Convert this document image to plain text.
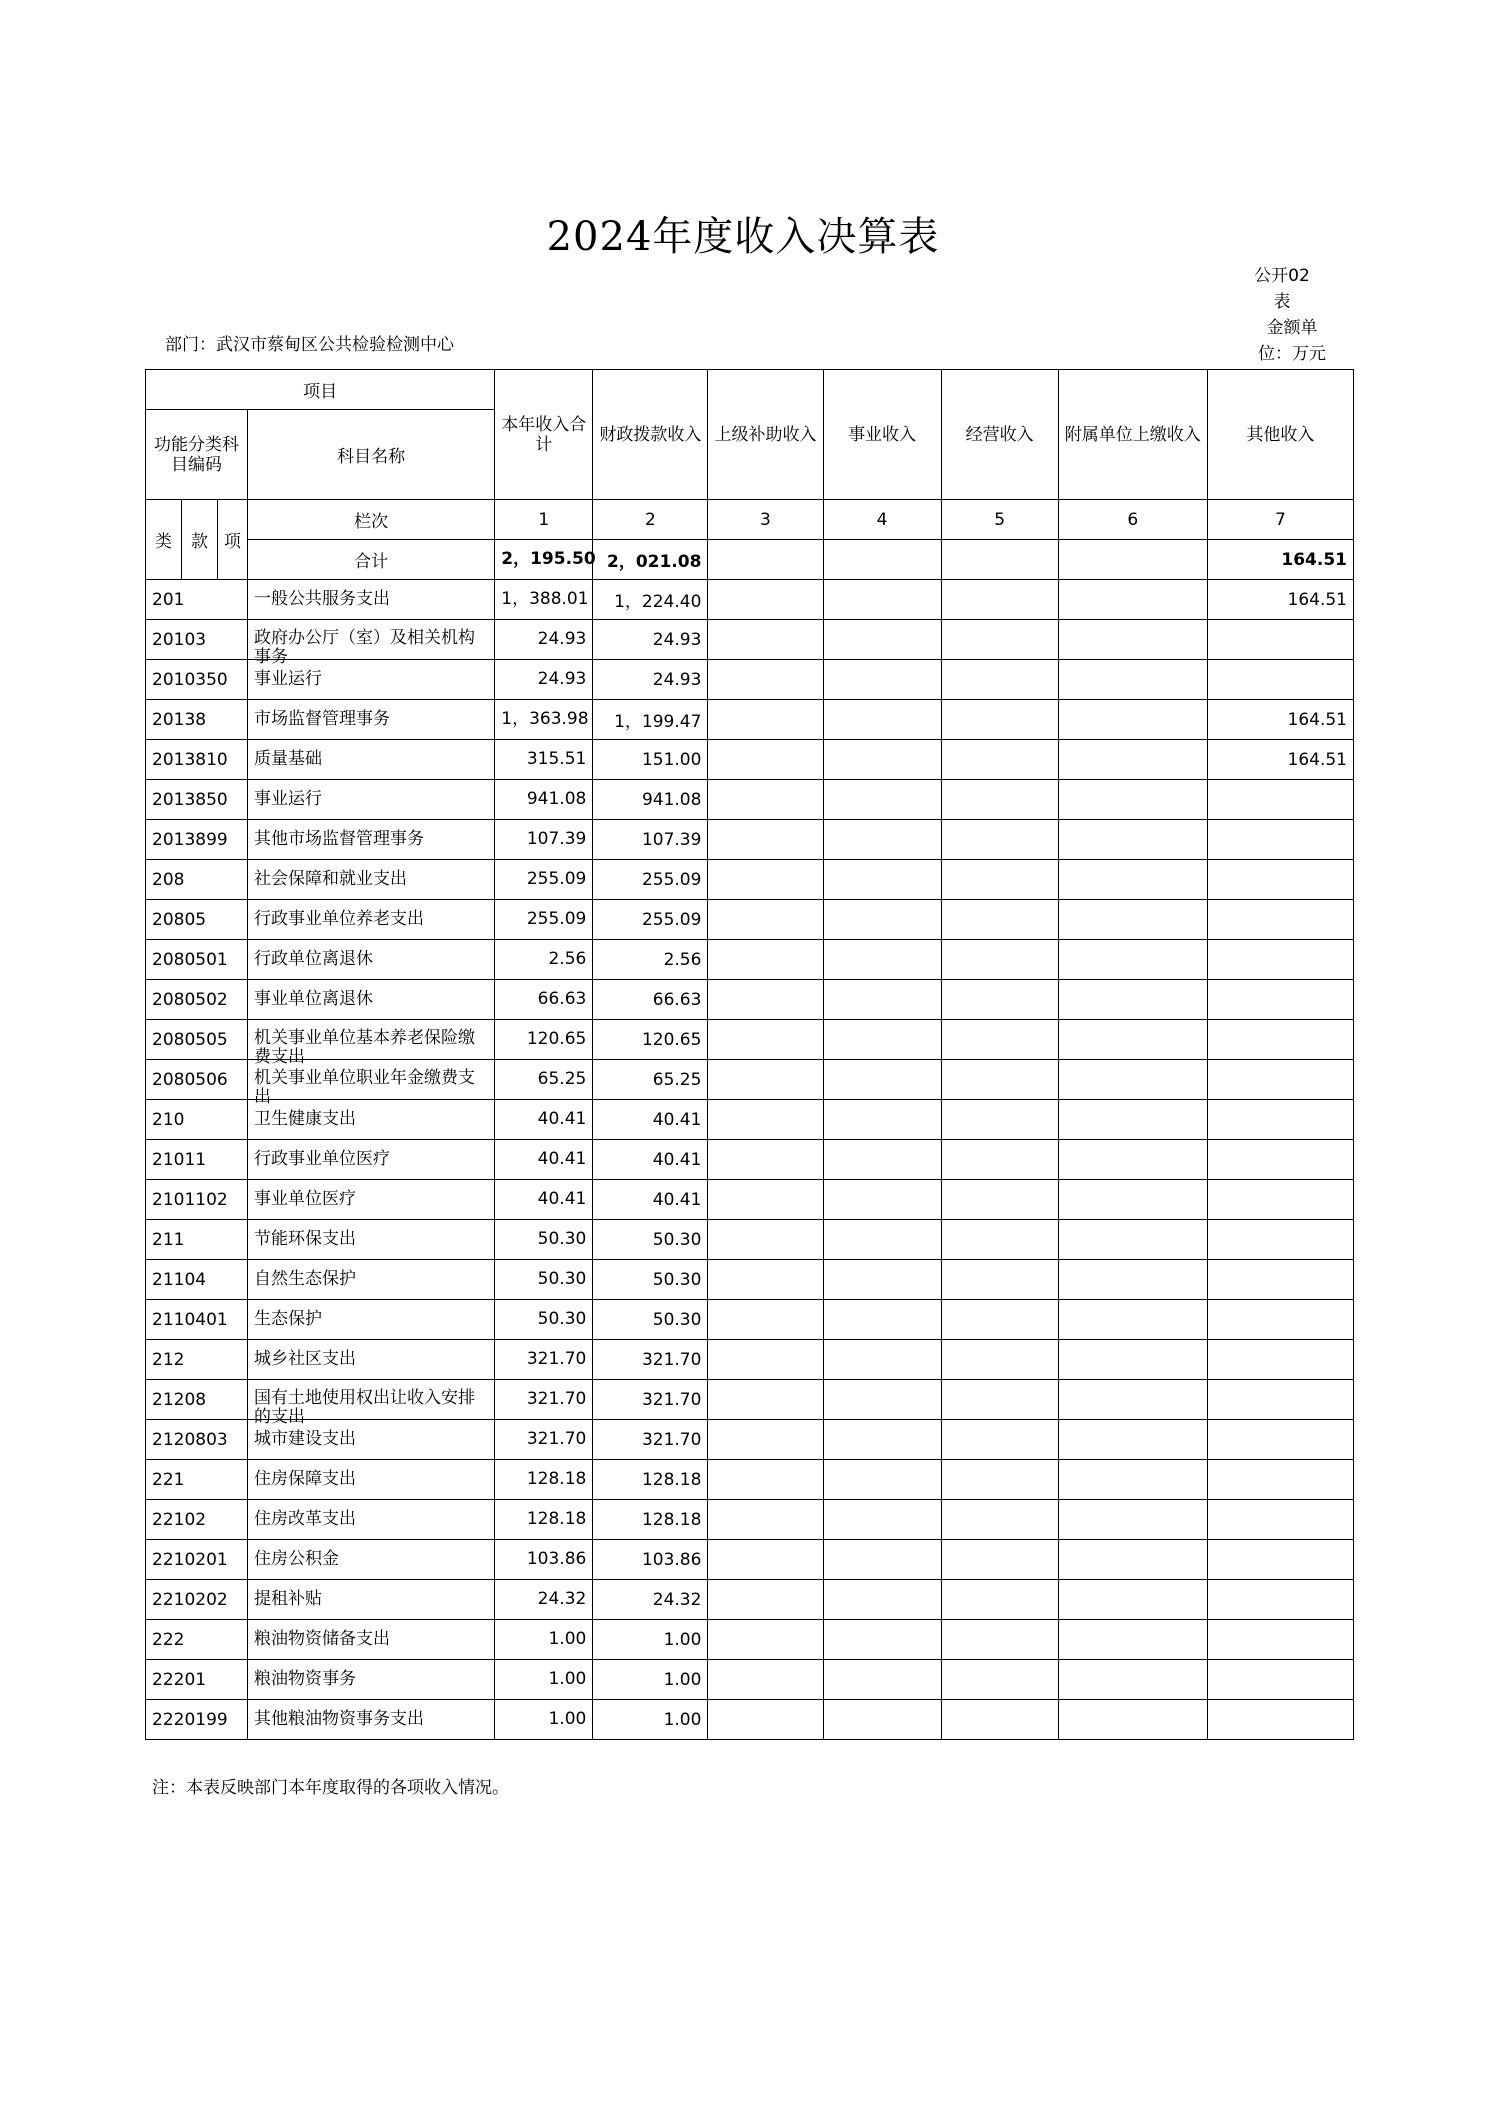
2024年度收入决算表
公开02
表
金额单
位：万元
部门：武汉市蔡甸区公共检验检测中心
项目				本年收入合计	财政拨款收入	上级补助收入	事业收入	经营收入	附属单位上缴收入	其他收入
功能分类科目编码			科目名称							
类	款	项	栏次	1	2	3	4	5	6	7
			合计	2，195.50	2，021.08					164.51
201			一般公共服务支出	1，388.01	1，224.40					164.51
20103			政府办公厅（室）及相关机构事务	24.93	24.93					
2010350			事业运行	24.93	24.93					
20138			市场监督管理事务	1，363.98	1，199.47					164.51
2013810			质量基础	315.51	151.00					164.51
2013850			事业运行	941.08	941.08					
2013899			其他市场监督管理事务	107.39	107.39					
208			社会保障和就业支出	255.09	255.09					
20805			行政事业单位养老支出	255.09	255.09					
2080501			行政单位离退休	2.56	2.56					
2080502			事业单位离退休	66.63	66.63					
2080505			机关事业单位基本养老保险缴费支出	120.65	120.65					
2080506			机关事业单位职业年金缴费支出	65.25	65.25					
210			卫生健康支出	40.41	40.41					
21011			行政事业单位医疗	40.41	40.41					
2101102			事业单位医疗	40.41	40.41					
211			节能环保支出	50.30	50.30					
21104			自然生态保护	50.30	50.30					
2110401			生态保护	50.30	50.30					
212			城乡社区支出	321.70	321.70					
21208			国有土地使用权出让收入安排的支出	321.70	321.70					
2120803			城市建设支出	321.70	321.70					
221			住房保障支出	128.18	128.18					
22102			住房改革支出	128.18	128.18					
2210201			住房公积金	103.86	103.86					
2210202			提租补贴	24.32	24.32					
222			粮油物资储备支出	1.00	1.00					
22201			粮油物资事务	1.00	1.00					
2220199			其他粮油物资事务支出	1.00	1.00					
注：本表反映部门本年度取得的各项收入情况。
